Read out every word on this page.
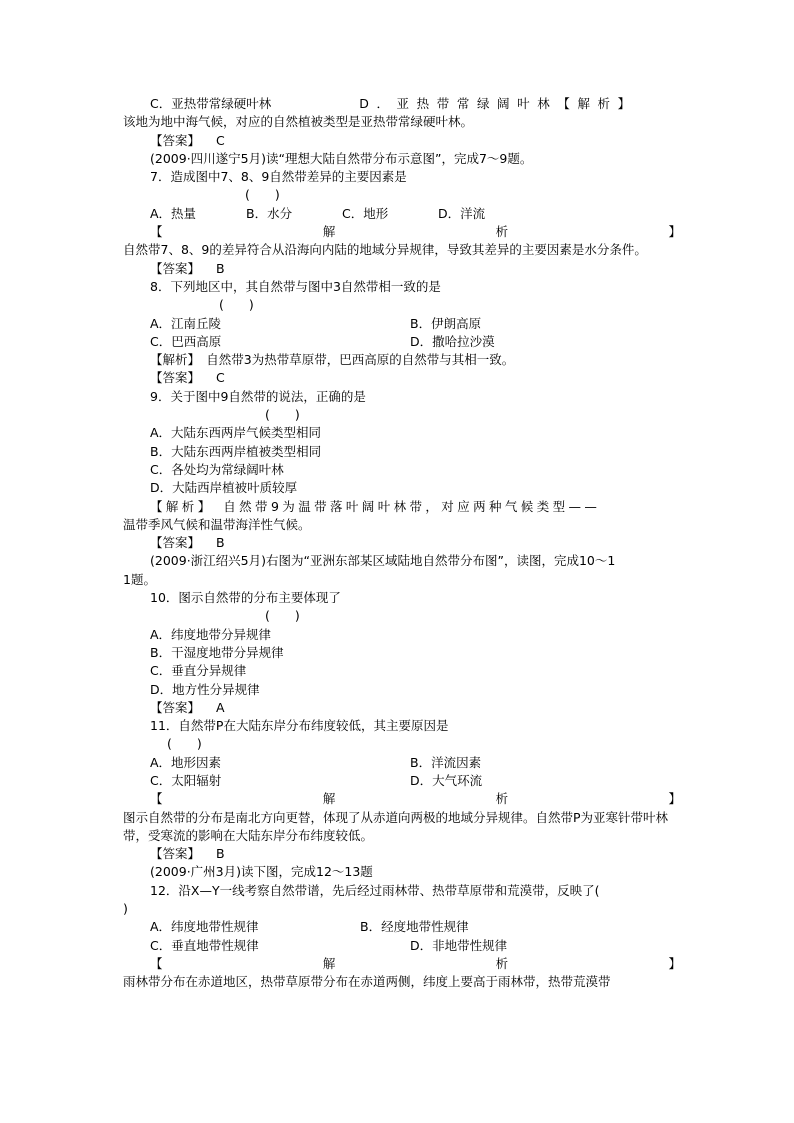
C．亚热带常绿硬叶林	D．亚热带常绿阔叶林【解析】
该地为地中海气候，对应的自然植被类型是亚热带常绿硬叶林。
【答案】 C
(2009·四川遂宁5月)读“理想大陆自然带分布示意图”，完成7～9题。
7．造成图中7、8、9自然带差异的主要因素是
(　　)
A．热量	B．水分	C．地形	D．洋流
【	解	析	】
自然带7、8、9的差异符合从沿海向内陆的地域分异规律，导致其差异的主要因素是水分条件。
【答案】 B
8．下列地区中，其自然带与图中3自然带相一致的是
(　　)
A．江南丘陵	B．伊朗高原
C．巴西高原	D．撒哈拉沙漠
【解析】　自然带3为热带草原带，巴西高原的自然带与其相一致。
【答案】 C
9．关于图中9自然带的说法，正确的是
(　　)
A．大陆东西两岸气候类型相同
B．大陆东西两岸植被类型相同
C．各处均为常绿阔叶林
D．大陆西岸植被叶质较厚
【解析】　自然带9为温带落叶阔叶林带，对应两种气候类型——
温带季风气候和温带海洋性气候。
【答案】 B
(2009·浙江绍兴5月)右图为“亚洲东部某区域陆地自然带分布图”，读图，完成10～1
1题。
10．图示自然带的分布主要体现了
(　　)
A．纬度地带分异规律
B．干湿度地带分异规律
C．垂直分异规律
D．地方性分异规律
【答案】 A
11．自然带P在大陆东岸分布纬度较低，其主要原因是
(　　)
A．地形因素	B．洋流因素
C．太阳辐射	D．大气环流
【	解	析	】
图示自然带的分布是南北方向更替，体现了从赤道向两极的地域分异规律。自然带P为亚寒针带叶林带，受寒流的影响在大陆东岸分布纬度较低。
【答案】 B
(2009·广州3月)读下图，完成12～13题
12．沿X—Y一线考察自然带谱，先后经过雨林带、热带草原带和荒漠带，反映了(
)
A．纬度地带性规律	B．经度地带性规律
C．垂直地带性规律	D．非地带性规律
【	解	析	】
雨林带分布在赤道地区，热带草原带分布在赤道两侧，纬度上要高于雨林带，热带荒漠带
